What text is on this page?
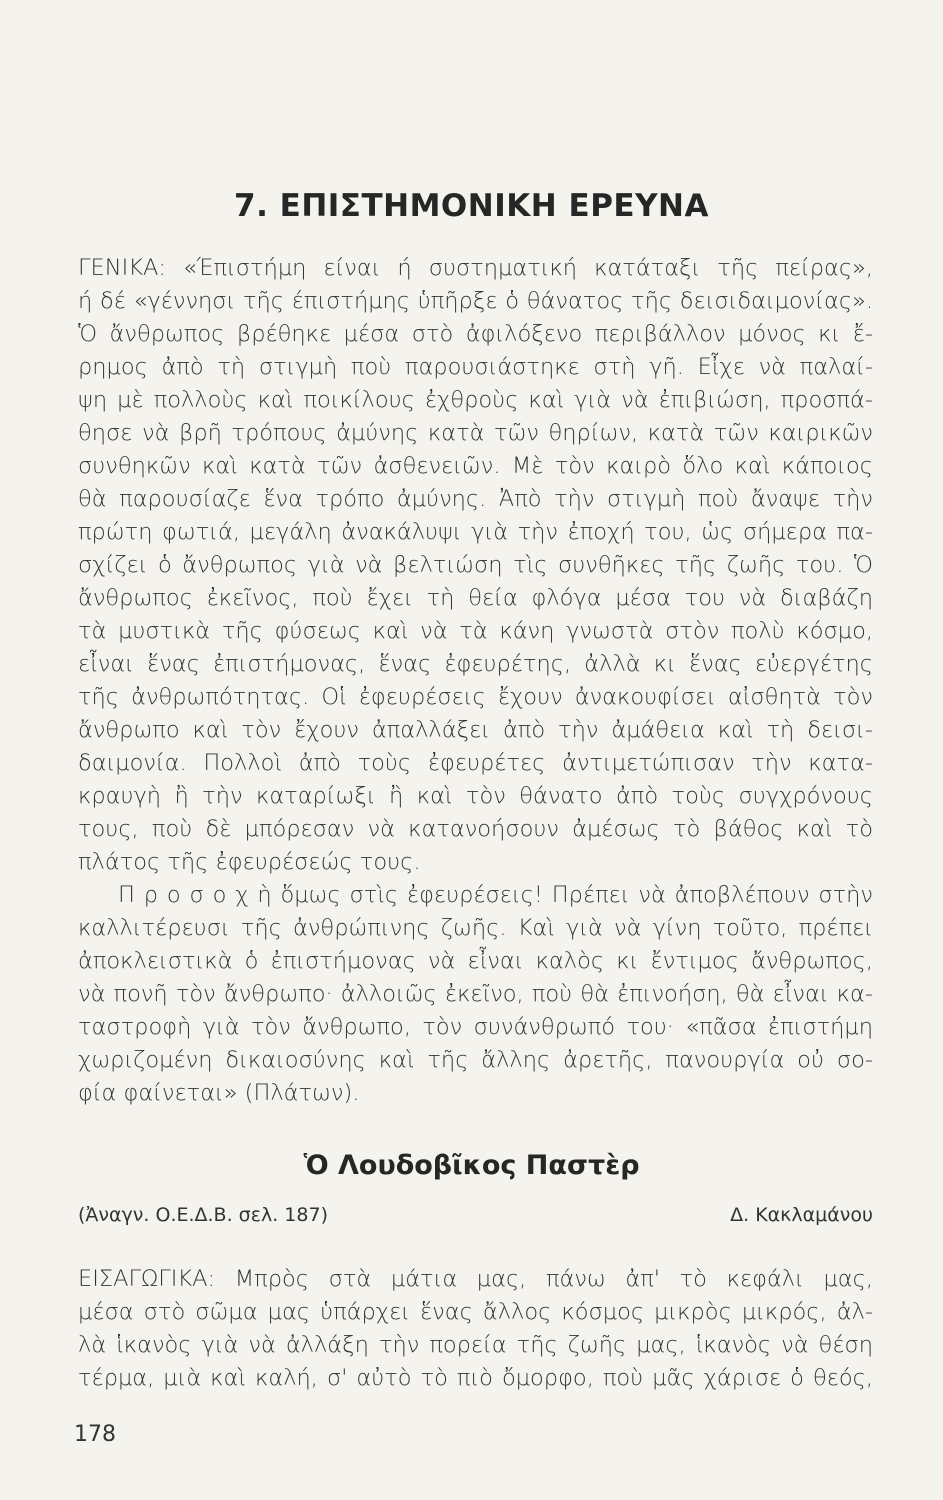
7. ΕΠΙΣΤΗΜΟΝΙΚΗ ΕΡΕΥΝΑ
ΓΕΝΙΚΑ: «Έπιστήμη είναι ή συστηματική κατάταξι τῆς πείρας»,
ή δέ «γέννησι τῆς έπιστήμης ὑπῆρξε ὁ θάνατος τῆς δεισιδαιμονίας».
Ὁ ἄνθρωπος βρέθηκε μέσα στὸ ἀφιλόξενο περιβάλλον μόνος κι ἔ-
ρημος ἀπὸ τὴ στιγμὴ ποὺ παρουσιάστηκε στὴ γῆ. Εἶχε νὰ παλαί-
ψη μὲ πολλοὺς καὶ ποικίλους ἐχθροὺς καὶ γιὰ νὰ ἐπιβιώση, προσπά-
θησε νὰ βρῆ τρόπους ἀμύνης κατὰ τῶν θηρίων, κατὰ τῶν καιρικῶν
συνθηκῶν καὶ κατὰ τῶν ἀσθενειῶν. Μὲ τὸν καιρὸ ὅλο καὶ κάποιος
θὰ παρουσίαζε ἕνα τρόπο ἀμύνης. Ἀπὸ τὴν στιγμὴ ποὺ ἄναψε τὴν
πρώτη φωτιά, μεγάλη ἀνακάλυψι γιὰ τὴν ἐποχή του, ὡς σήμερα πα-
σχίζει ὁ ἄνθρωπος γιὰ νὰ βελτιώση τὶς συνθῆκες τῆς ζωῆς του. Ὁ
ἄνθρωπος ἐκεῖνος, ποὺ ἔχει τὴ θεία φλόγα μέσα του νὰ διαβάζη
τὰ μυστικὰ τῆς φύσεως καὶ νὰ τὰ κάνη γνωστὰ στὸν πολὺ κόσμο,
εἶναι ἕνας ἐπιστήμονας, ἕνας ἐφευρέτης, ἀλλὰ κι ἕνας εὐεργέτης
τῆς ἀνθρωπότητας. Οἱ ἐφευρέσεις ἔχουν ἀνακουφίσει αἰσθητὰ τὸν
ἄνθρωπο καὶ τὸν ἔχουν ἀπαλλάξει ἀπὸ τὴν ἀμάθεια καὶ τὴ δεισι-
δαιμονία. Πολλοὶ ἀπὸ τοὺς ἐφευρέτες ἀντιμετώπισαν τὴν κατα-
κραυγὴ ἢ τὴν καταρίωξι ἢ καὶ τὸν θάνατο ἀπὸ τοὺς συγχρόνους
τους, ποὺ δὲ μπόρεσαν νὰ κατανοήσουν ἀμέσως τὸ βάθος καὶ τὸ
πλάτος τῆς ἐφευρέσεώς τους.
Π ρ ο σ ο χ ὴ ὅμως στὶς ἐφευρέσεις! Πρέπει νὰ ἀποβλέπουν στὴν
καλλιτέρευσι τῆς ἀνθρώπινης ζωῆς. Καὶ γιὰ νὰ γίνη τοῦτο, πρέπει
ἀποκλειστικὰ ὁ ἐπιστήμονας νὰ εἶναι καλὸς κι ἔντιμος ἄνθρωπος,
νὰ πονῆ τὸν ἄνθρωπο· ἀλλοιῶς ἐκεῖνο, ποὺ θὰ ἐπινοήση, θὰ εἶναι κα-
ταστροφὴ γιὰ τὸν ἄνθρωπο, τὸν συνάνθρωπό του· «πᾶσα ἐπιστήμη
χωριζομένη δικαιοσύνης καὶ τῆς ἄλλης ἀρετῆς, πανουργία οὐ σο-
φία φαίνεται» (Πλάτων).
Ὁ Λουδοβῖκος Παστὲρ
(Ἀναγν. Ο.Ε.Δ.Β. σελ. 187)	Δ. Κακλαμάνου
ΕΙΣΑΓΩΓΙΚΑ: Μπρὸς στὰ μάτια μας, πάνω ἀπ' τὸ κεφάλι μας,
μέσα στὸ σῶμα μας ὑπάρχει ἕνας ἄλλος κόσμος μικρὸς μικρός, ἀλ-
λὰ ἱκανὸς γιὰ νὰ ἀλλάξη τὴν πορεία τῆς ζωῆς μας, ἱκανὸς νὰ θέση
τέρμα, μιὰ καὶ καλή, σ' αὐτὸ τὸ πιὸ ὄμορφο, ποὺ μᾶς χάρισε ὁ θεός,
178
